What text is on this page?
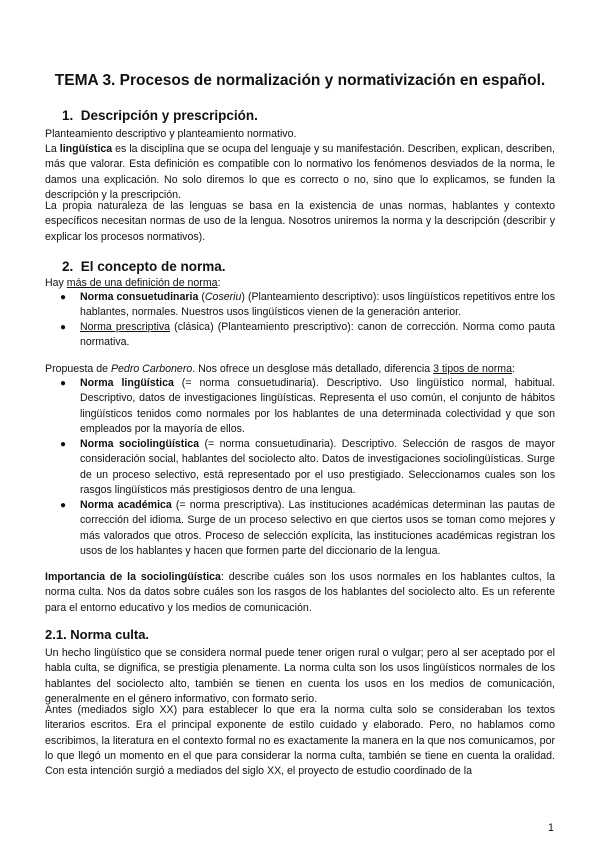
TEMA 3. Procesos de normalización y normativización en español.
1. Descripción y prescripción.

Planteamiento descriptivo y planteamiento normativo.

La lingüística es la disciplina que se ocupa del lenguaje y su manifestación. Describen, explican, describen, más que valorar. Esta definición es compatible con lo normativo los fenómenos desviados de la norma, le damos una explicación. No solo diremos lo que es correcto o no, sino que lo explicamos, se funden la descripción y la prescripción.

La propia naturaleza de las lenguas se basa en la existencia de unas normas, hablantes y contexto específicos necesitan normas de uso de la lengua. Nosotros uniremos la norma y la descripción (describir y explicar los procesos normativos).

2. El concepto de norma.

Hay más de una definición de norma:

● Norma consuetudinaria (Coseriu) (Planteamiento descriptivo): usos lingüísticos repetitivos entre los hablantes, normales. Nuestros usos lingüísticos vienen de la generación anterior.

● Norma prescriptiva (clásica) (Planteamiento prescriptivo): canon de corrección. Norma como pauta normativa.

Propuesta de Pedro Carbonero. Nos ofrece un desglose más detallado, diferencia 3 tipos de norma:

● Norma lingüística (= norma consuetudinaria). Descriptivo. Uso lingüístico normal, habitual. Descriptivo, datos de investigaciones lingüísticas. Representa el uso común, el conjunto de hábitos lingüísticos tenidos como normales por los hablantes de una determinada colectividad y que son empleados por la mayoría de ellos.

● Norma sociolingüística (= norma consuetudinaria). Descriptivo. Selección de rasgos de mayor consideración social, hablantes del sociolecto alto. Datos de investigaciones sociolingüísticas. Surge de un proceso selectivo, está representado por el uso prestigiado. Seleccionamos cuales son los rasgos lingüísticos más prestigiosos dentro de una lengua.

● Norma académica (= norma prescriptiva). Las instituciones académicas determinan las pautas de corrección del idioma. Surge de un proceso selectivo en que ciertos usos se toman como mejores y más valorados que otros. Proceso de selección explícita, las instituciones académicas registran los usos de los hablantes y hacen que formen parte del diccionario de la lengua.

Importancia de la sociolingüística: describe cuáles son los usos normales en los hablantes cultos, la norma culta. Nos da datos sobre cuáles son los rasgos de los hablantes del sociolecto alto. Es un referente para el entorno educativo y los medios de comunicación.

2.1. Norma culta.

Un hecho lingüístico que se considera normal puede tener origen rural o vulgar; pero al ser aceptado por el habla culta, se dignifica, se prestigia plenamente. La norma culta son los usos lingüísticos normales de los hablantes del sociolecto alto, también se tienen en cuenta los usos en los medios de comunicación, generalmente en el género informativo, con formato serio.

Antes (mediados siglo XX) para establecer lo que era la norma culta solo se consideraban los textos literarios escritos. Era el principal exponente de estilo cuidado y elaborado. Pero, no hablamos como escribimos, la literatura en el contexto formal no es exactamente la manera en la que nos comunicamos, por lo que llegó un momento en el que para considerar la norma culta, también se tiene en cuenta la oralidad. Con esta intención surgió a mediados del siglo XX, el proyecto de estudio coordinado de la

1
